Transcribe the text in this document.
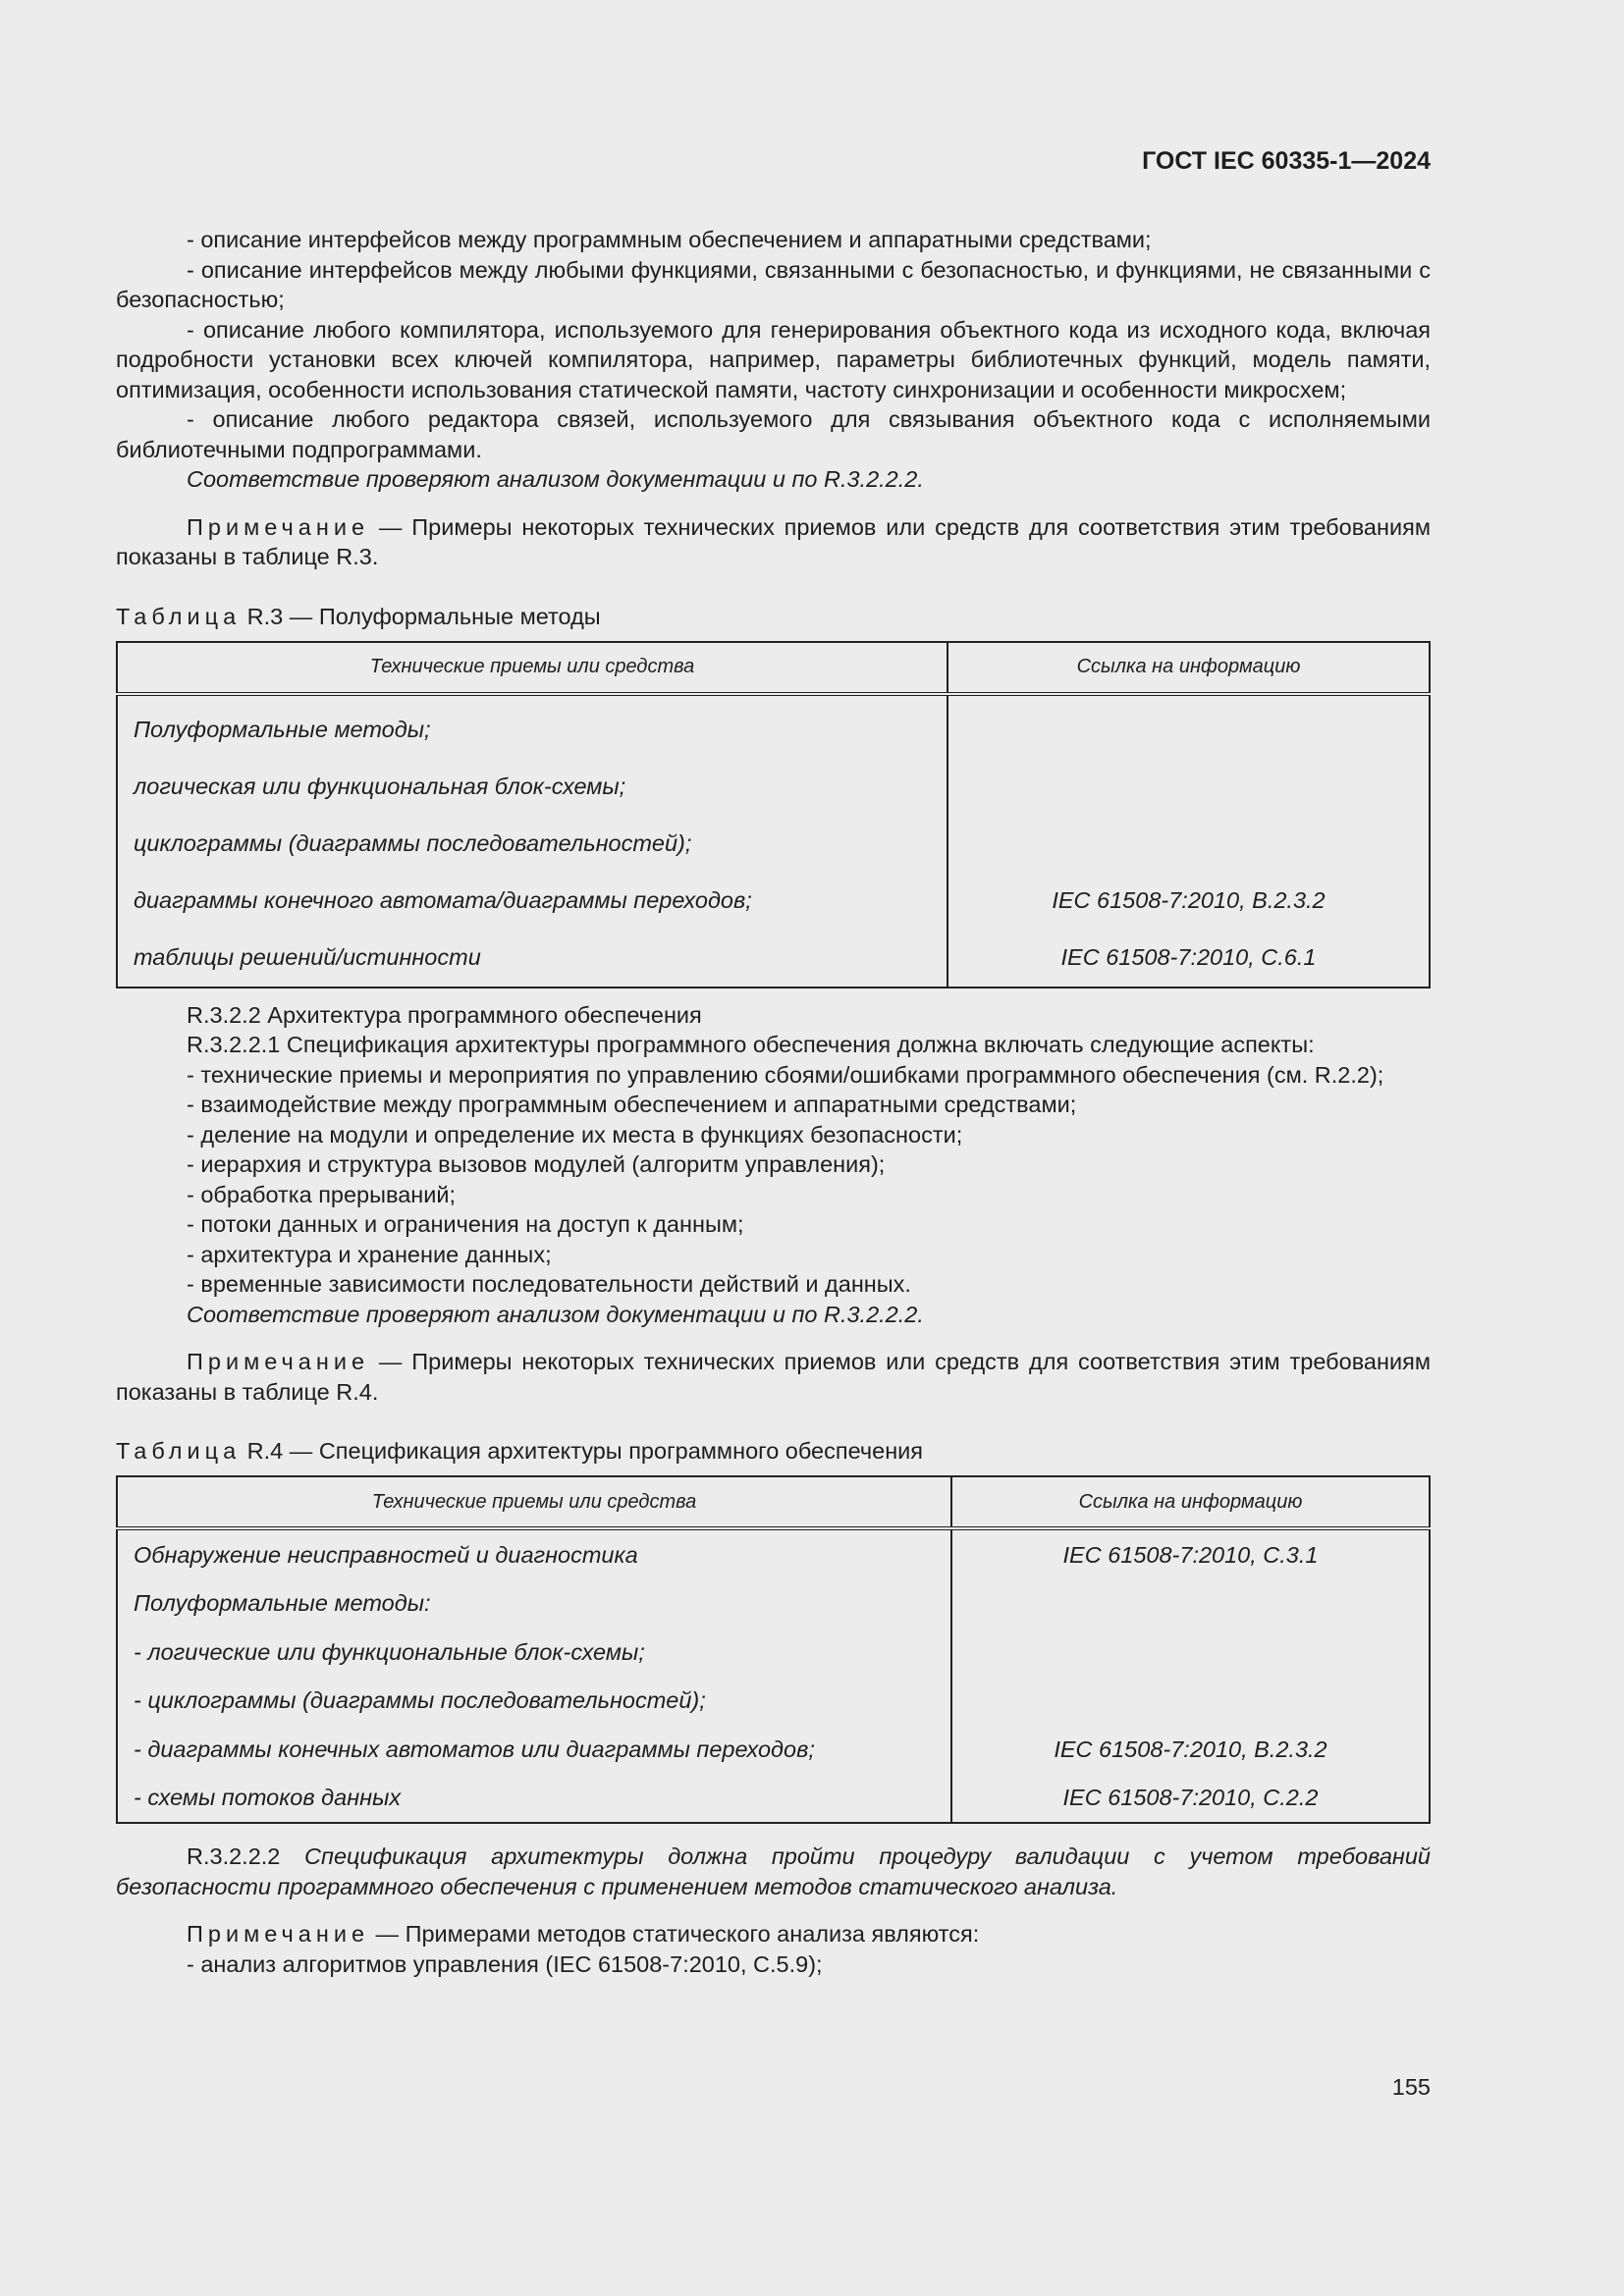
ГОСТ IEC 60335-1—2024

- описание интерфейсов между программным обеспечением и аппаратными средствами;

- описание интерфейсов между любыми функциями, связанными с безопасностью, и функциями, не связанными с безопасностью;

- описание любого компилятора, используемого для генерирования объектного кода из исходного кода, включая подробности установки всех ключей компилятора, например, параметры библиотечных функций, модель памяти, оптимизация, особенности использования статической памяти, частоту синхронизации и особенности микросхем;

- описание любого редактора связей, используемого для связывания объектного кода с исполняемыми библиотечными подпрограммами.

Соответствие проверяют анализом документации и по R.3.2.2.2.

Примечание — Примеры некоторых технических приемов или средств для соответствия этим требованиям показаны в таблице R.3.

Таблица R.3 — Полуформальные методы
Технические приемы или средства	Ссылка на информацию
Полуформальные методы;	
логическая или функциональная блок-схемы;	
циклограммы (диаграммы последовательностей);	
диаграммы конечного автомата/диаграммы переходов;	IEC 61508-7:2010, B.2.3.2
таблицы решений/истинности	IEC 61508-7:2010, C.6.1

R.3.2.2 Архитектура программного обеспечения

R.3.2.2.1 Спецификация архитектуры программного обеспечения должна включать следующие аспекты:

- технические приемы и мероприятия по управлению сбоями/ошибками программного обеспечения (см. R.2.2);

- взаимодействие между программным обеспечением и аппаратными средствами;

- деление на модули и определение их места в функциях безопасности;

- иерархия и структура вызовов модулей (алгоритм управления);

- обработка прерываний;

- потоки данных и ограничения на доступ к данным;

- архитектура и хранение данных;

- временные зависимости последовательности действий и данных.

Соответствие проверяют анализом документации и по R.3.2.2.2.

Примечание — Примеры некоторых технических приемов или средств для соответствия этим требованиям показаны в таблице R.4.

Таблица R.4 — Спецификация архитектуры программного обеспечения
Технические приемы или средства	Ссылка на информацию
Обнаружение неисправностей и диагностика	IEC 61508-7:2010, C.3.1
Полуформальные методы:	
- логические или функциональные блок-схемы;	
- циклограммы (диаграммы последовательностей);	
- диаграммы конечных автоматов или диаграммы переходов;	IEC 61508-7:2010, B.2.3.2
- схемы потоков данных	IEC 61508-7:2010, C.2.2

R.3.2.2.2 Спецификация архитектуры должна пройти процедуру валидации с учетом требований безопасности программного обеспечения с применением методов статического анализа.

Примечание — Примерами методов статического анализа являются:

- анализ алгоритмов управления (IEC 61508-7:2010, C.5.9);

155
